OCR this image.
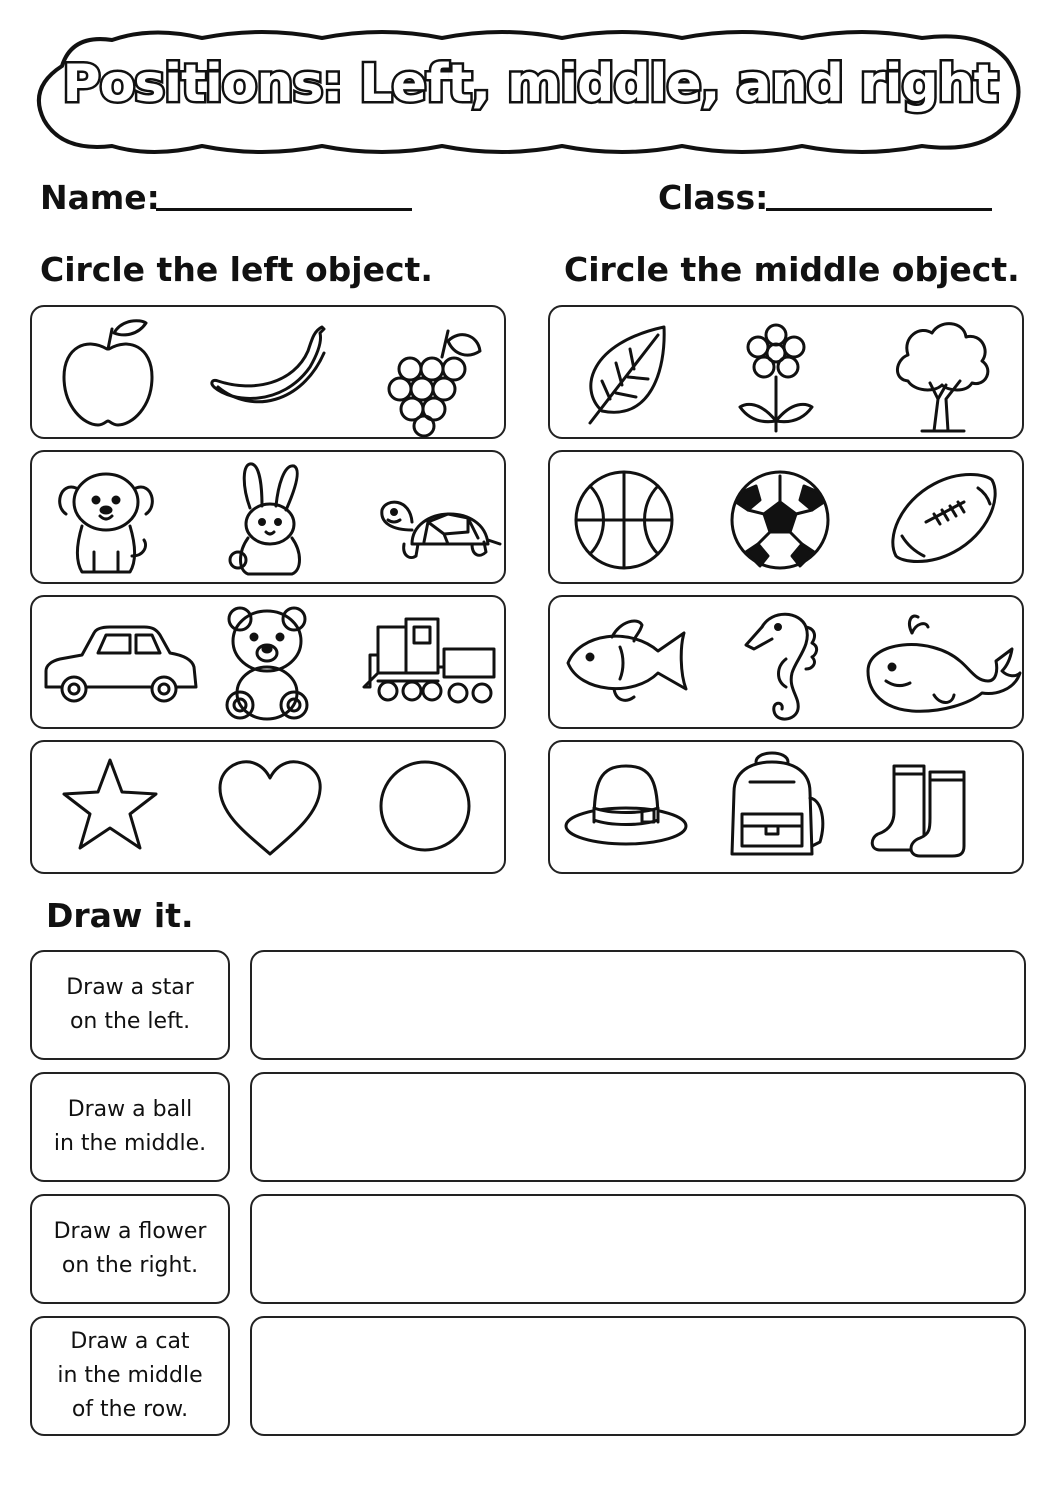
Positions: Left, middle, and right
Name:	Class:
Circle the left object.	Circle the middle object.
Draw it.
Draw a star
on the left.
Draw a ball
in the middle.
Draw a flower
on the right.
Draw a cat
in the middle
of the row.
